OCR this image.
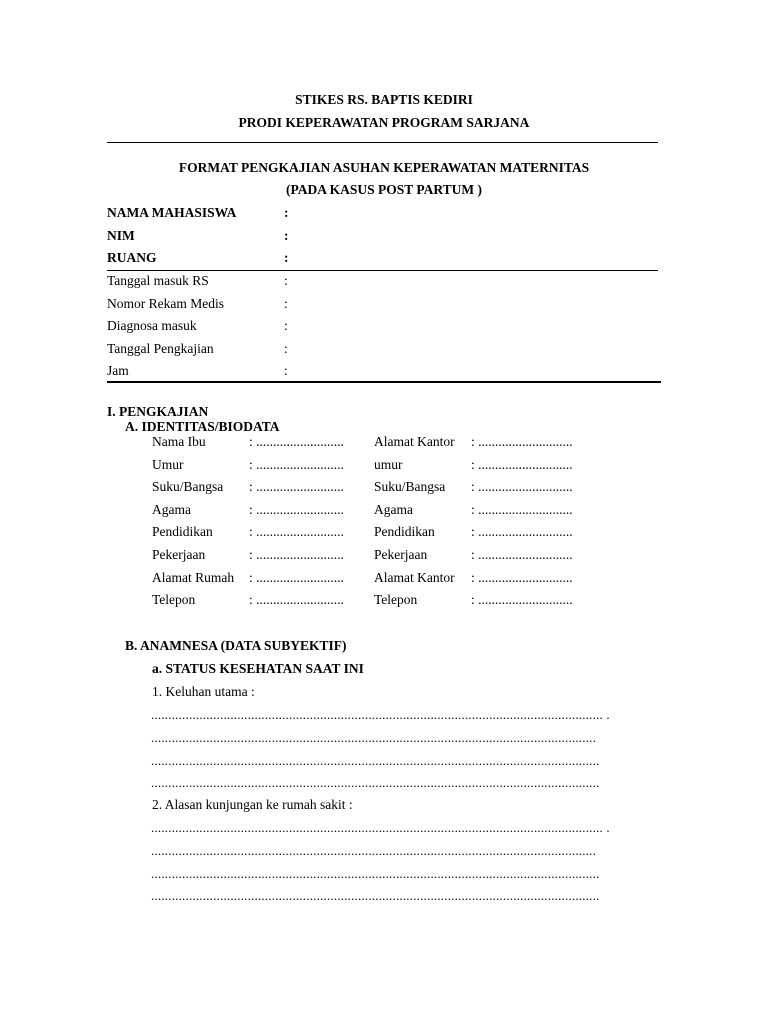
STIKES RS. BAPTIS KEDIRI
PRODI KEPERAWATAN PROGRAM SARJANA
FORMAT PENGKAJIAN ASUHAN KEPERAWATAN MATERNITAS
(PADA KASUS POST PARTUM )
NAMA MAHASISWA	:
NIM	:
RUANG	:
Tanggal masuk RS	:
Nomor Rekam Medis	:
Diagnosa masuk	:
Tanggal Pengkajian	:
Jam	:
I. PENGKAJIAN
A. IDENTITAS/BIODATA
Nama Ibu	: .......................... Alamat Kantor : ............................
Umur	: .......................... umur	: ............................
Suku/Bangsa : .......................... Suku/Bangsa : ............................
Agama	: .......................... Agama	: ............................
Pendidikan	: .......................... Pendidikan	: ............................
Pekerjaan	: .......................... Pekerjaan	: ............................
Alamat Rumah : .......................... Alamat Kantor : ............................
Telepon	: .......................... Telepon	: ............................
B. ANAMNESA (DATA SUBYEKTIF)
a. STATUS KESEHATAN SAAT INI
1. Keluhan utama :
................................................................................................................................... .
.................................................................................................................................
..................................................................................................................................
..................................................................................................................................
2. Alasan kunjungan ke rumah sakit :
................................................................................................................................... .
.................................................................................................................................
..................................................................................................................................
..................................................................................................................................
